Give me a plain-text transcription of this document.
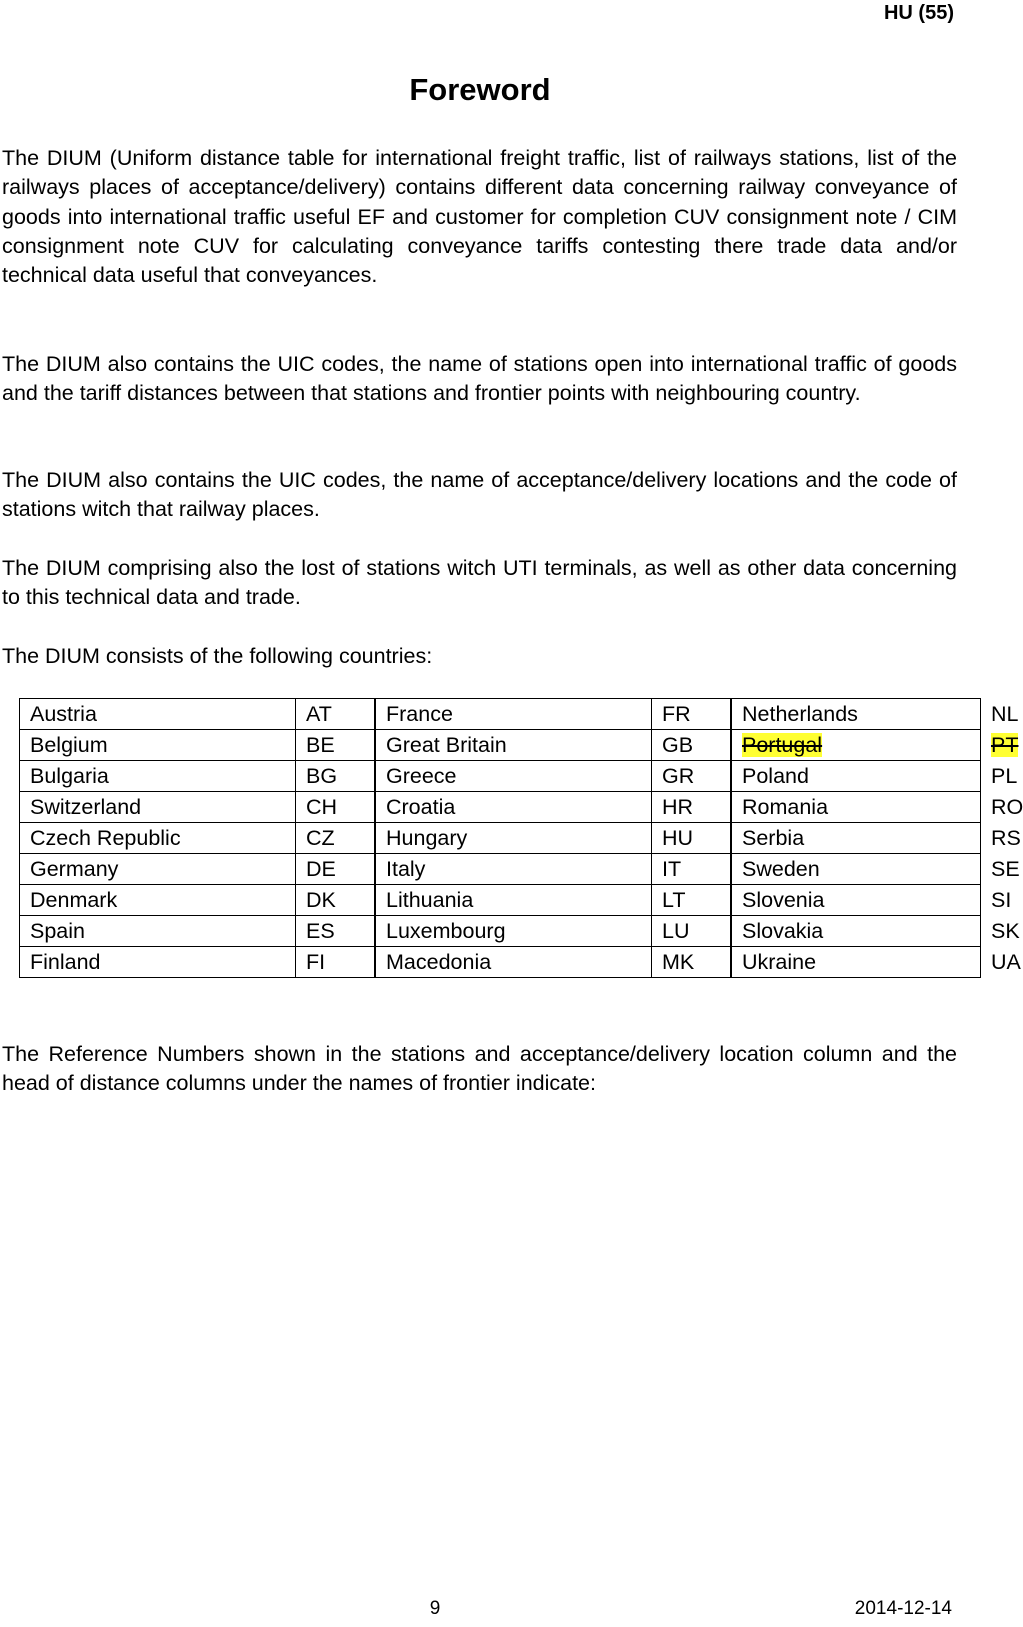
HU (55)
Foreword

The DIUM (Uniform distance table for international freight traffic, list of railways stations, list of the railways places of acceptance/delivery) contains different data concerning railway conveyance of goods into international traffic useful EF and customer for completion CUV consignment note / CIM consignment note CUV for calculating conveyance tariffs contesting there trade data and/or technical data useful that conveyances.

The DIUM also contains the UIC codes, the name of stations open into international traffic of goods and the tariff distances between that stations and frontier points with neighbouring country.

The DIUM also contains the UIC codes, the name of acceptance/delivery locations and the code of stations witch that railway places.

The DIUM comprising also the lost of stations witch UTI terminals, as well as other data concerning to this technical data and trade.

The DIUM consists of the following countries:

Austria	AT	France	FR	Netherlands	NL
Belgium	BE	Great Britain	GB	Portugal	PT
Bulgaria	BG	Greece	GR	Poland	PL
Switzerland	CH	Croatia	HR	Romania	RO
Czech Republic	CZ	Hungary	HU	Serbia	RS
Germany	DE	Italy	IT	Sweden	SE
Denmark	DK	Lithuania	LT	Slovenia	SI
Spain	ES	Luxembourg	LU	Slovakia	SK
Finland	FI	Macedonia	MK	Ukraine	UA

The Reference Numbers shown in the stations and acceptance/delivery location column and the head of distance columns under the names of frontier indicate:

9	2014-12-14
